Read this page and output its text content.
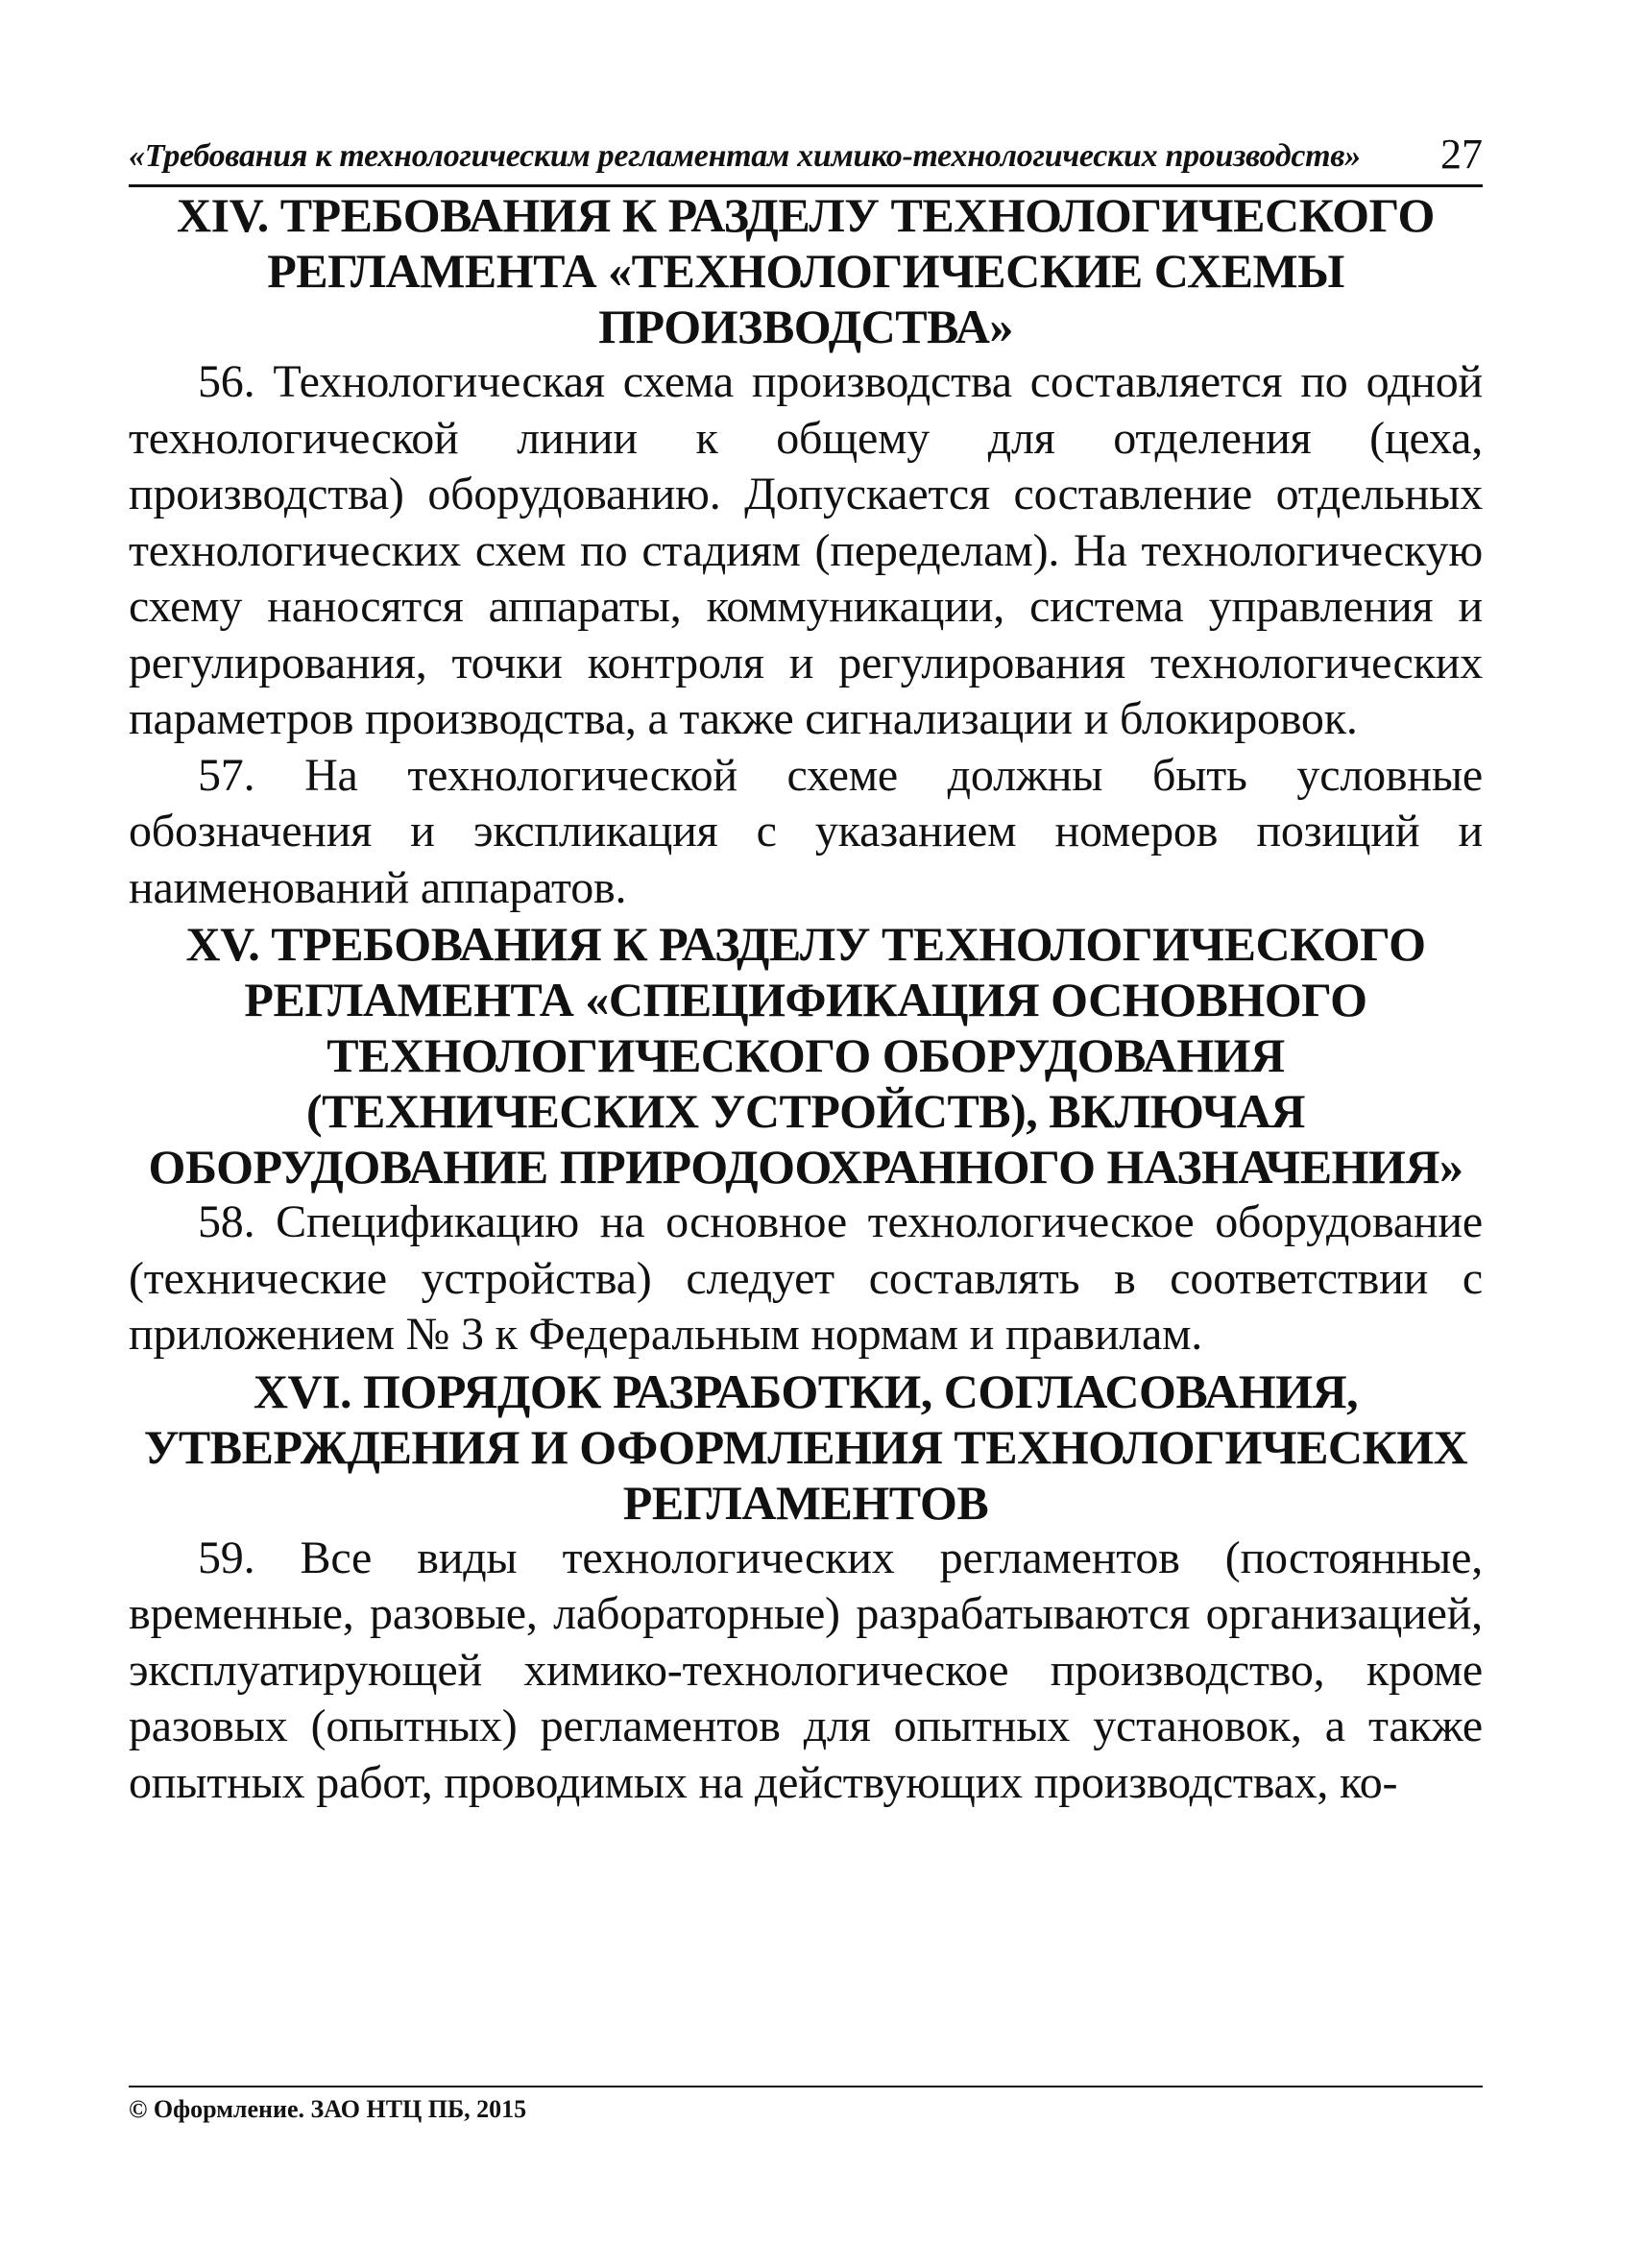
«Требования к технологическим регламентам химико-технологических производств» 27
XIV. ТРЕБОВАНИЯ К РАЗДЕЛУ ТЕХНОЛОГИЧЕСКОГО РЕГЛАМЕНТА «ТЕХНОЛОГИЧЕСКИЕ СХЕМЫ ПРОИЗВОДСТВА»

56. Технологическая схема производства составляется по одной технологической линии к общему для отделения (цеха, производства) оборудованию. Допускается составление отдельных технологических схем по стадиям (переделам). На технологическую схему наносятся аппараты, коммуникации, система управления и регулирования, точки контроля и регулирования технологических параметров производства, а также сигнализации и блокировок.

57. На технологической схеме должны быть условные обозначения и экспликация с указанием номеров позиций и наименований аппаратов.

XV. ТРЕБОВАНИЯ К РАЗДЕЛУ ТЕХНОЛОГИЧЕСКОГО РЕГЛАМЕНТА «СПЕЦИФИКАЦИЯ ОСНОВНОГО ТЕХНОЛОГИЧЕСКОГО ОБОРУДОВАНИЯ (ТЕХНИЧЕСКИХ УСТРОЙСТВ), ВКЛЮЧАЯ ОБОРУДОВАНИЕ ПРИРОДООХРАННОГО НАЗНАЧЕНИЯ»

58. Спецификацию на основное технологическое оборудование (технические устройства) следует составлять в соответствии с приложением № 3 к Федеральным нормам и правилам.

XVI. ПОРЯДОК РАЗРАБОТКИ, СОГЛАСОВАНИЯ, УТВЕРЖДЕНИЯ И ОФОРМЛЕНИЯ ТЕХНОЛОГИЧЕСКИХ РЕГЛАМЕНТОВ

59. Все виды технологических регламентов (постоянные, временные, разовые, лабораторные) разрабатываются организацией, эксплуатирующей химико-технологическое производство, кроме разовых (опытных) регламентов для опытных установок, а также опытных работ, проводимых на действующих производствах, ко-

© Оформление. ЗАО НТЦ ПБ, 2015
